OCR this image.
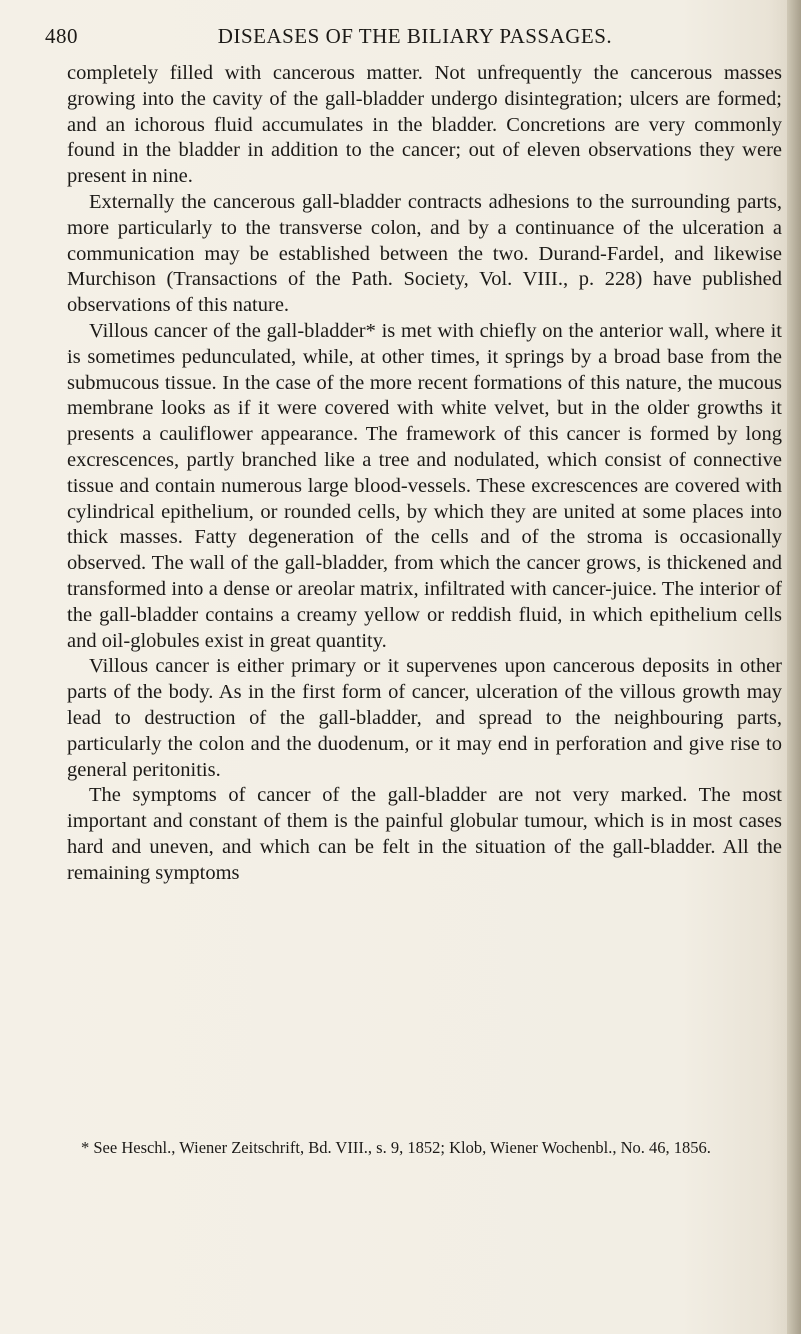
480	DISEASES OF THE BILIARY PASSAGES.

completely filled with cancerous matter. Not unfrequently the cancerous masses growing into the cavity of the gall-bladder undergo disintegration; ulcers are formed; and an ichorous fluid accumulates in the bladder. Concretions are very commonly found in the bladder in addition to the cancer; out of eleven observations they were present in nine.

Externally the cancerous gall-bladder contracts adhesions to the surrounding parts, more particularly to the transverse colon, and by a continuance of the ulceration a communication may be established between the two. Durand-Fardel, and likewise Murchison (Transactions of the Path. Society, Vol. VIII., p. 228) have published observations of this nature.

Villous cancer of the gall-bladder* is met with chiefly on the anterior wall, where it is sometimes pedunculated, while, at other times, it springs by a broad base from the submucous tissue. In the case of the more recent formations of this nature, the mucous membrane looks as if it were covered with white velvet, but in the older growths it presents a cauliflower appearance. The framework of this cancer is formed by long excrescences, partly branched like a tree and nodulated, which consist of connective tissue and contain numerous large blood-vessels. These excrescences are covered with cylindrical epithelium, or rounded cells, by which they are united at some places into thick masses. Fatty degeneration of the cells and of the stroma is occasionally observed. The wall of the gall-bladder, from which the cancer grows, is thickened and transformed into a dense or areolar matrix, infiltrated with cancer-juice. The interior of the gall-bladder contains a creamy yellow or reddish fluid, in which epithelium cells and oil-globules exist in great quantity.

Villous cancer is either primary or it supervenes upon cancerous deposits in other parts of the body. As in the first form of cancer, ulceration of the villous growth may lead to destruction of the gall-bladder, and spread to the neighbouring parts, particularly the colon and the duodenum, or it may end in perforation and give rise to general peritonitis.

The symptoms of cancer of the gall-bladder are not very marked. The most important and constant of them is the painful globular tumour, which is in most cases hard and uneven, and which can be felt in the situation of the gall-bladder. All the remaining symptoms

* See Heschl., Wiener Zeitschrift, Bd. VIII., s. 9, 1852; Klob, Wiener Wochenbl., No. 46, 1856.
